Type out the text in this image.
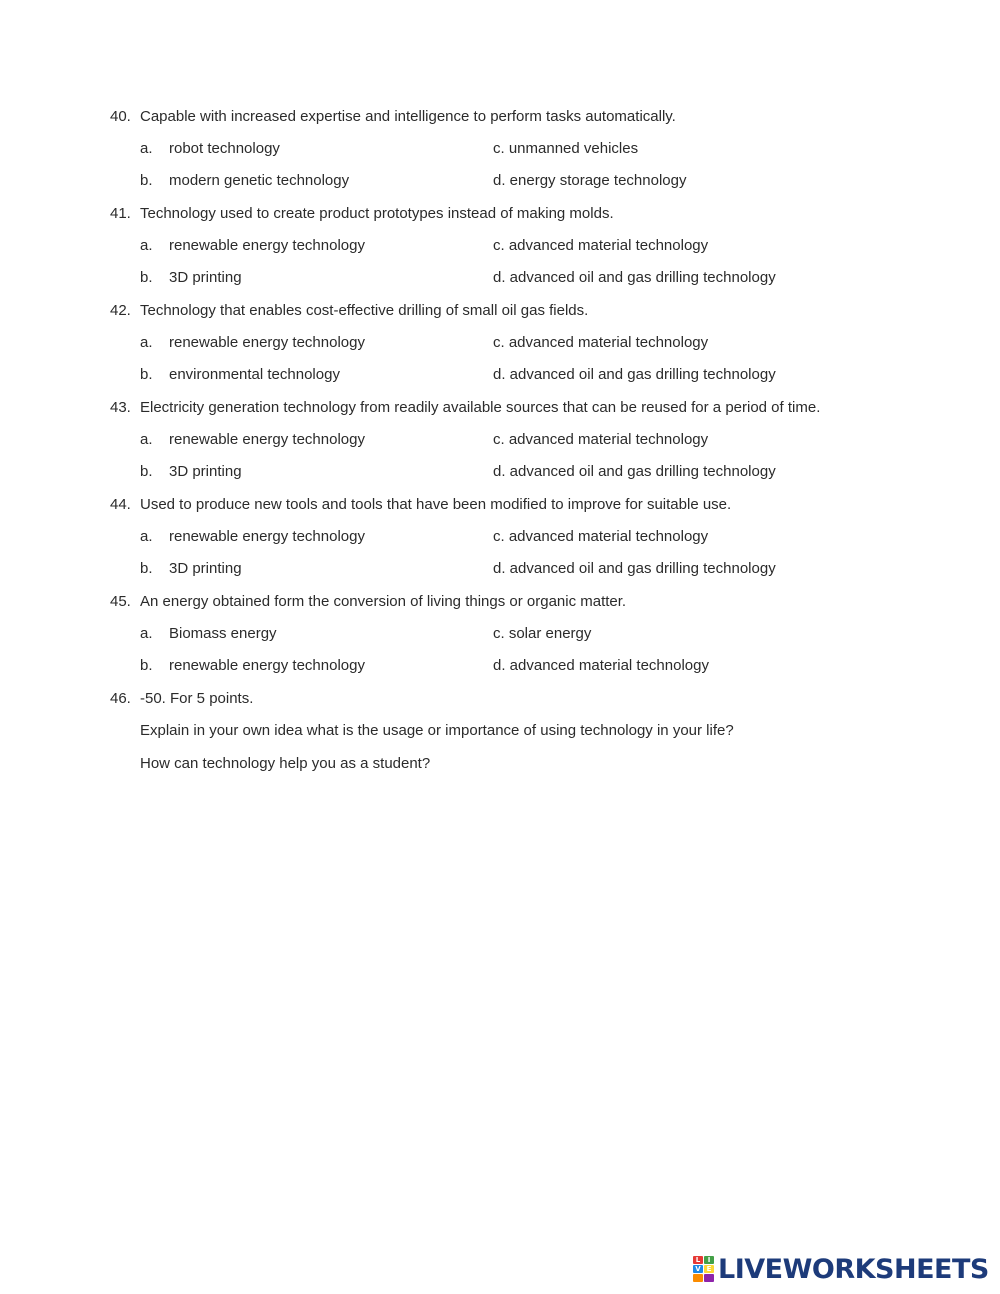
40. Capable with increased expertise and intelligence to perform tasks automatically.
a. robot technology	c. unmanned vehicles
b. modern genetic technology	d. energy storage technology
41. Technology used to create product prototypes instead of making molds.
a. renewable energy technology	c. advanced material technology
b. 3D printing	d. advanced oil and gas drilling technology
42. Technology that enables cost-effective drilling of small oil gas fields.
a. renewable energy technology	c. advanced material technology
b. environmental technology	d. advanced oil and gas drilling technology
43. Electricity generation technology from readily available sources that can be reused for a period of time.
a. renewable energy technology	c. advanced material technology
b. 3D printing	d. advanced oil and gas drilling technology
44. Used to produce new tools and tools that have been modified to improve for suitable use.
a. renewable energy technology	c. advanced material technology
b. 3D printing	d. advanced oil and gas drilling technology
45. An energy obtained form the conversion of living things or organic matter.
a. Biomass energy	c. solar energy
b. renewable energy technology	d. advanced material technology
46. -50. For 5 points.
Explain in your own idea what is the usage or importance of using technology in your life?
How can technology help you as a student?
L	I
V E LIVEWORKSHEETS
